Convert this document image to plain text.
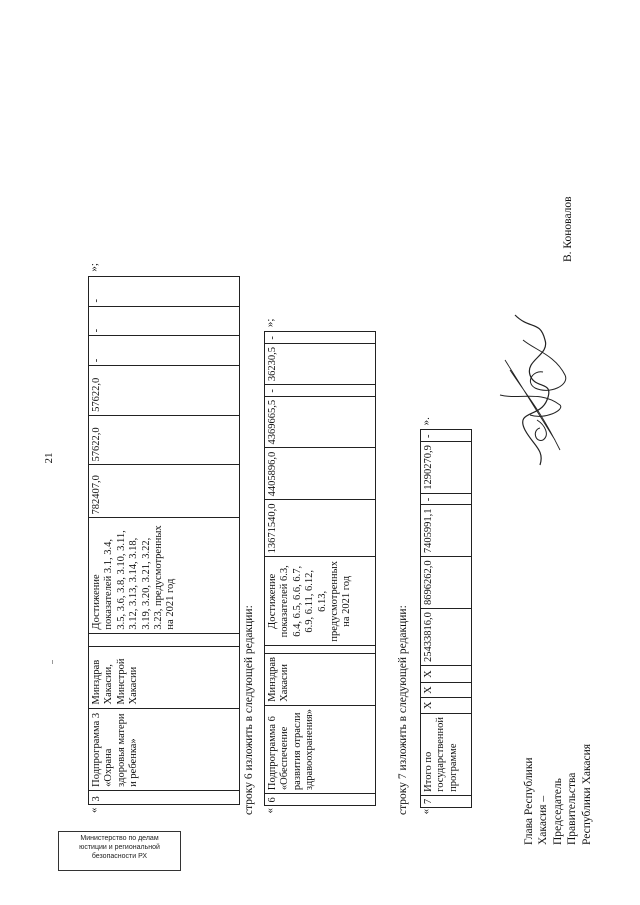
21
«
3	Подпрограмма 3 «Охрана здоровья матери и ребенка»	Минздрав Хакасии, Минстрой Хакасии		Достижение показателей 3.1, 3.4, 3.5, 3.6, 3.8, 3.10, 3.11, 3.12, 3.13, 3.14, 3.18, 3.19, 3.20, 3.21, 3.22, 3.23, предусмотренных на 2021 год	782407,0	57622,0	57622,0	-	-	-
»;
строку 6 изложить в следующей редакции: «
6	Подпрограмма 6 «Обеспечение развития отрасли здравоохранения»	Минздрав Хакасии		Достижение показателей 6.3, 6.4, 6.5, 6.6, 6.7, 6.9, 6.11, 6.12, 6.13, предусмотренных на 2021 год	13671540,0	4405896,0	4369665,5	-	36230,5	-
»;
строку 7 изложить в следующей редакции: «
7	Итого по государственной программе	X	X	X	25433816,0	8696262,0	7405991,1	-	1290270,9	-
».
Глава Республики Хакасия – Председатель Правительства Республики Хакасия
В. Коновалов
Министерство по делам
юстиции и региональной
безопасности РХ
